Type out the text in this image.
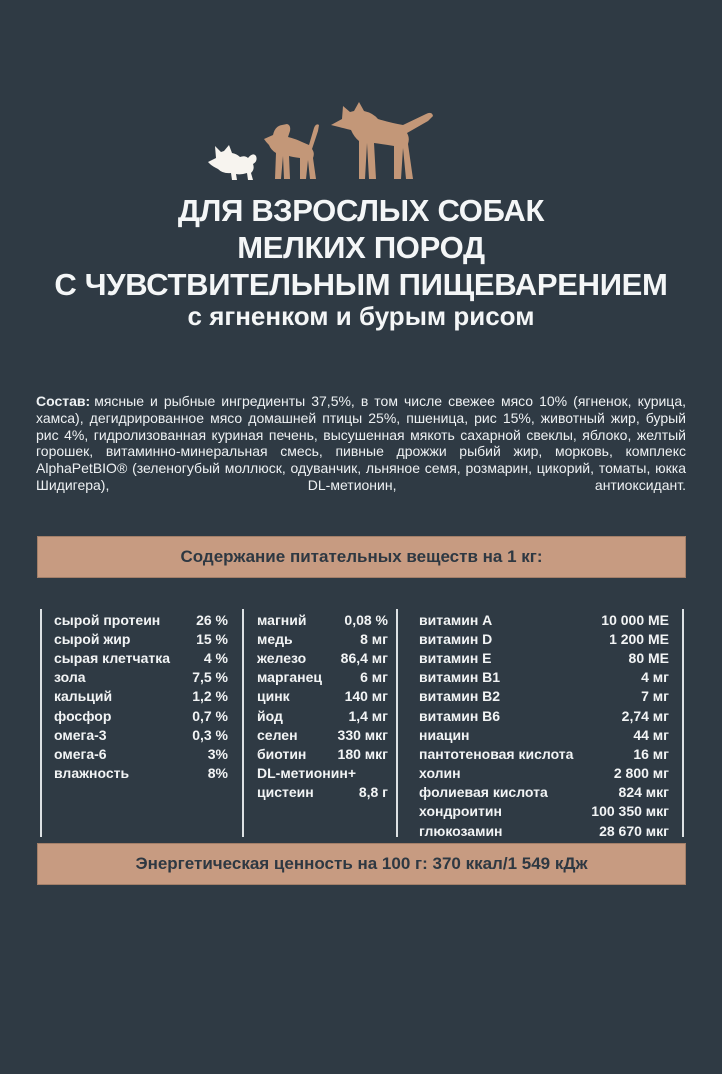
ДЛЯ ВЗРОСЛЫХ СОБАК
МЕЛКИХ ПОРОД
С ЧУВСТВИТЕЛЬНЫМ ПИЩЕВАРЕНИЕМ
с ягненком и бурым рисом

Состав: мясные и рыбные ингредиенты 37,5%, в том числе свежее мясо 10% (ягненок, курица, хамса), дегидрированное мясо домашней птицы 25%, пшеница, рис 15%, животный жир, бурый рис 4%, гидролизованная куриная печень, высушенная мякоть сахарной свеклы, яблоко, желтый горошек, витаминно-минеральная смесь, пивные дрожжи рыбий жир, морковь, комплекс AlphaPetBIO® (зеленогубый моллюск, одуванчик, льняное семя, розмарин, цикорий, томаты, юкка Шидигера), DL-метионин, антиоксидант.

Содержание питательных веществ на 1 кг:
сырой протеин	26 %
сырой жир	15 %
сырая клетчатка 4 %
зола	7,5 %
кальций	1,2 %
фосфор	0,7 %
омега-3	0,3 %
омега-6	3%
влажность	8%
магний	0,08 %
медь	8 мг
железо 86,4 мг
марганец	6 мг
цинк	140 мг
йод	1,4 мг
селен	330 мкг
биотин 180 мкг
DL-метионин+
цистеин	8,8 г
витамин A	10 000 МЕ
витамин D	1 200 МЕ
витамин E	80 МЕ
витамин B1	4 мг
витамин B2	7 мг
витамин B6	2,74 мг
ниацин	44 мг
пантотеновая кислота	16 мг
холин	2 800 мг
фолиевая кислота	824 мкг
хондроитин	100 350 мкг
глюкозамин	28 670 мкг
Энергетическая ценность на 100 г: 370 ккал/1 549 кДж
